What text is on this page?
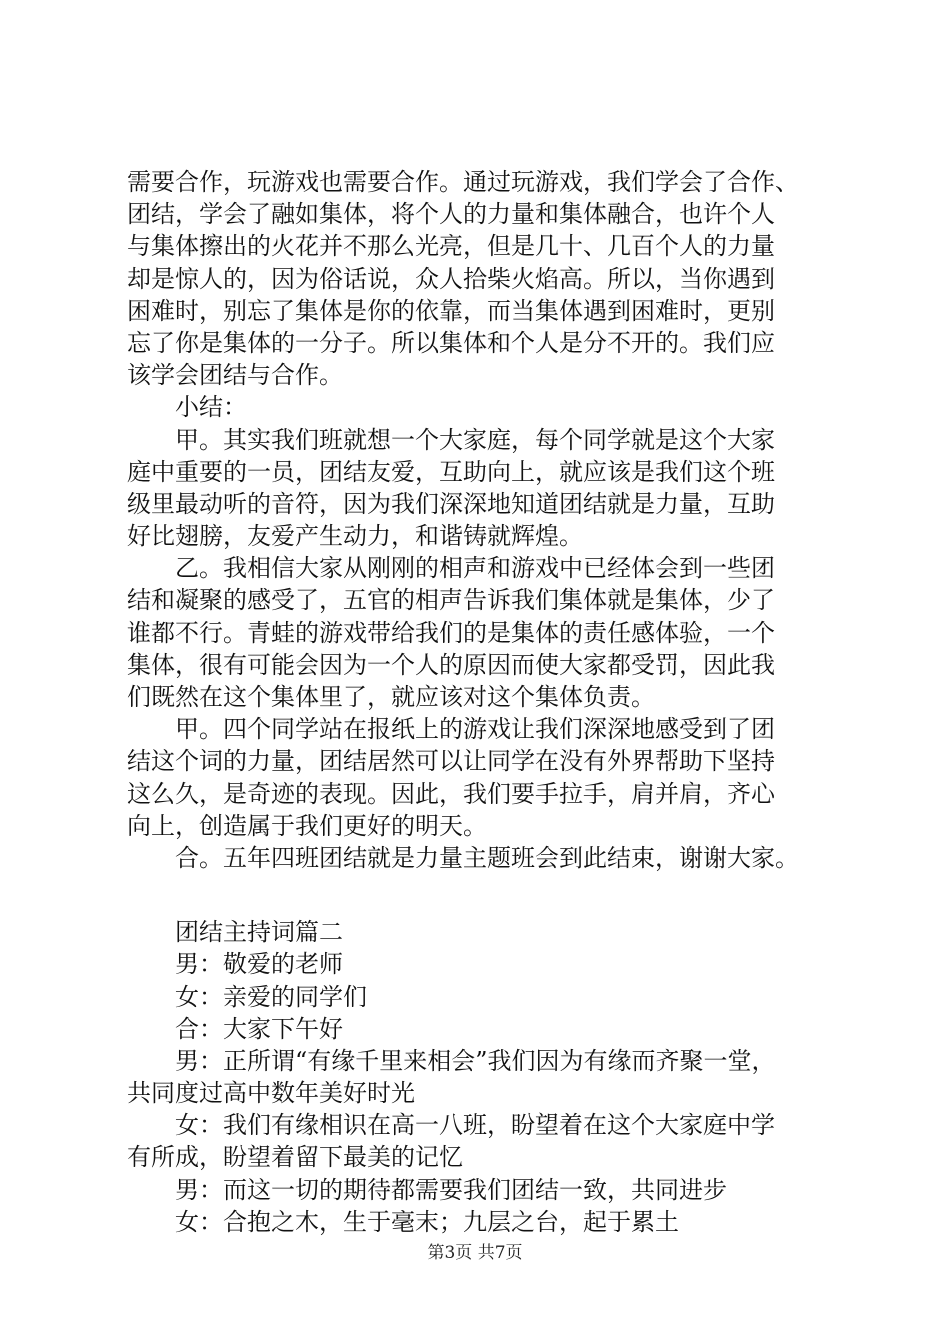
需要合作，玩游戏也需要合作。通过玩游戏，我们学会了合作、
团结，学会了融如集体，将个人的力量和集体融合，也许个人
与集体擦出的火花并不那么光亮，但是几十、几百个人的力量
却是惊人的，因为俗话说，众人拾柴火焰高。所以，当你遇到
困难时，别忘了集体是你的依靠，而当集体遇到困难时，更别
忘了你是集体的一分子。所以集体和个人是分不开的。我们应
该学会团结与合作。
小结：
甲。其实我们班就想一个大家庭，每个同学就是这个大家
庭中重要的一员，团结友爱，互助向上，就应该是我们这个班
级里最动听的音符，因为我们深深地知道团结就是力量，互助
好比翅膀，友爱产生动力，和谐铸就辉煌。
乙。我相信大家从刚刚的相声和游戏中已经体会到一些团
结和凝聚的感受了，五官的相声告诉我们集体就是集体，少了
谁都不行。青蛙的游戏带给我们的是集体的责任感体验，一个
集体，很有可能会因为一个人的原因而使大家都受罚，因此我
们既然在这个集体里了，就应该对这个集体负责。
甲。四个同学站在报纸上的游戏让我们深深地感受到了团
结这个词的力量，团结居然可以让同学在没有外界帮助下坚持
这么久，是奇迹的表现。因此，我们要手拉手，肩并肩，齐心
向上，创造属于我们更好的明天。
合。五年四班团结就是力量主题班会到此结束，谢谢大家。
团结主持词篇二
男：敬爱的老师
女：亲爱的同学们
合：大家下午好
男：正所谓“有缘千里来相会”我们因为有缘而齐聚一堂，
共同度过高中数年美好时光
女：我们有缘相识在高一八班，盼望着在这个大家庭中学
有所成，盼望着留下最美的记忆
男：而这一切的期待都需要我们团结一致，共同进步
女：合抱之木，生于毫末；九层之台，起于累土
第3页 共7页
